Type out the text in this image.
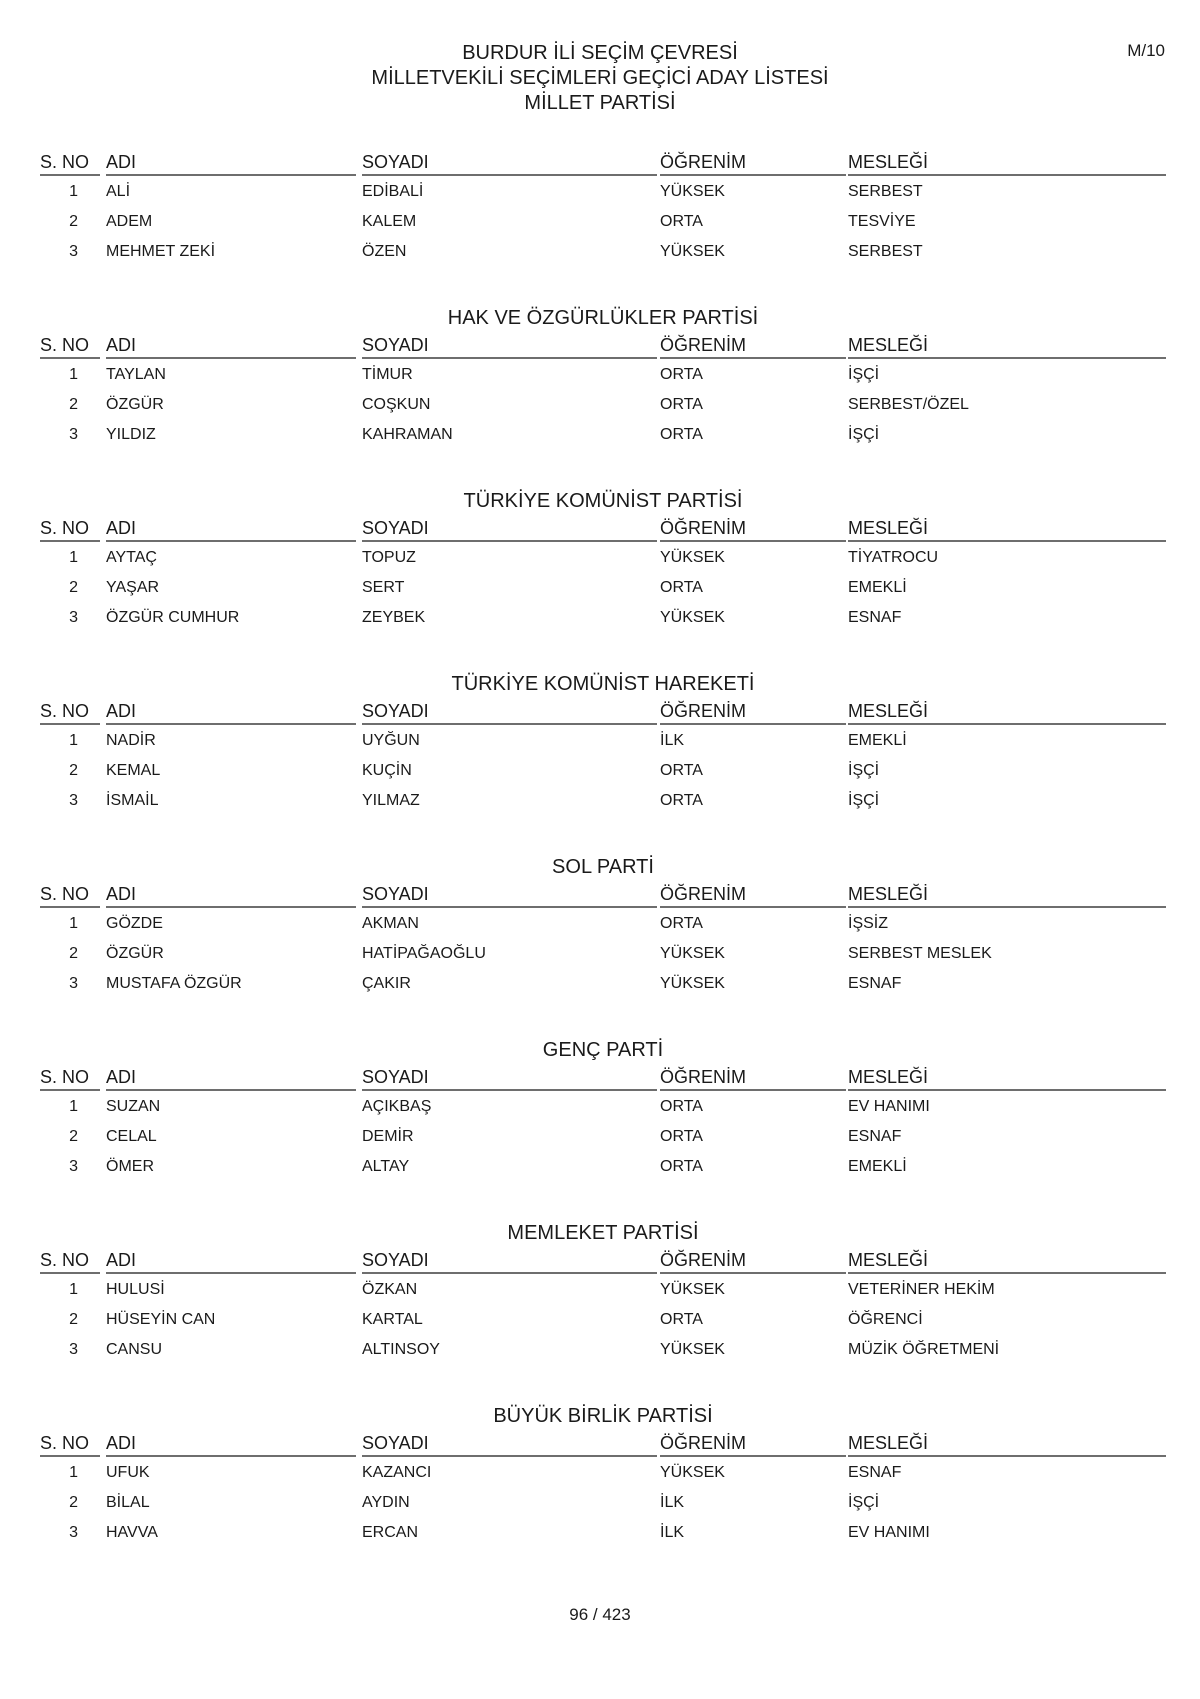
M/10
BURDUR İLİ SEÇİM ÇEVRESİ
MİLLETVEKİLİ SEÇİMLERİ GEÇİCİ ADAY LİSTESİ
MİLLET PARTİSİ
S. NO ADI	SOYADI	ÖĞRENİM	MESLEĞİ
1 ALİ	EDİBALİ	YÜKSEK	SERBEST
2 ADEM	KALEM	ORTA	TESVİYE
3 MEHMET ZEKİ	ÖZEN	YÜKSEK	SERBEST
HAK VE ÖZGÜRLÜKLER PARTİSİ
S. NO ADI	SOYADI	ÖĞRENİM	MESLEĞİ
1 TAYLAN	TİMUR	ORTA	İŞÇİ
2 ÖZGÜR	COŞKUN	ORTA	SERBEST/ÖZEL
3 YILDIZ	KAHRAMAN	ORTA	İŞÇİ
TÜRKİYE KOMÜNİST PARTİSİ
S. NO ADI	SOYADI	ÖĞRENİM	MESLEĞİ
1 AYTAÇ	TOPUZ	YÜKSEK	TİYATROCU
2 YAŞAR	SERT	ORTA	EMEKLİ
3 ÖZGÜR CUMHUR	ZEYBEK	YÜKSEK	ESNAF
TÜRKİYE KOMÜNİST HAREKETİ
S. NO ADI	SOYADI	ÖĞRENİM	MESLEĞİ
1 NADİR	UYĞUN	İLK	EMEKLİ
2 KEMAL	KUÇİN	ORTA	İŞÇİ
3 İSMAİL	YILMAZ	ORTA	İŞÇİ
SOL PARTİ
S. NO ADI	SOYADI	ÖĞRENİM	MESLEĞİ
1 GÖZDE	AKMAN	ORTA	İŞSİZ
2 ÖZGÜR	HATİPAĞAOĞLU	YÜKSEK	SERBEST MESLEK
3 MUSTAFA ÖZGÜR	ÇAKIR	YÜKSEK	ESNAF
GENÇ PARTİ
S. NO ADI	SOYADI	ÖĞRENİM	MESLEĞİ
1 SUZAN	AÇIKBAŞ	ORTA	EV HANIMI
2 CELAL	DEMİR	ORTA	ESNAF
3 ÖMER	ALTAY	ORTA	EMEKLİ
MEMLEKET PARTİSİ
S. NO ADI	SOYADI	ÖĞRENİM	MESLEĞİ
1 HULUSİ	ÖZKAN	YÜKSEK	VETERİNER HEKİM
2 HÜSEYİN CAN	KARTAL	ORTA	ÖĞRENCİ
3 CANSU	ALTINSOY	YÜKSEK	MÜZİK ÖĞRETMENİ
BÜYÜK BİRLİK PARTİSİ
S. NO ADI	SOYADI	ÖĞRENİM	MESLEĞİ
1 UFUK	KAZANCI	YÜKSEK	ESNAF
2 BİLAL	AYDIN	İLK	İŞÇİ
3 HAVVA	ERCAN	İLK	EV HANIMI
96 / 423
